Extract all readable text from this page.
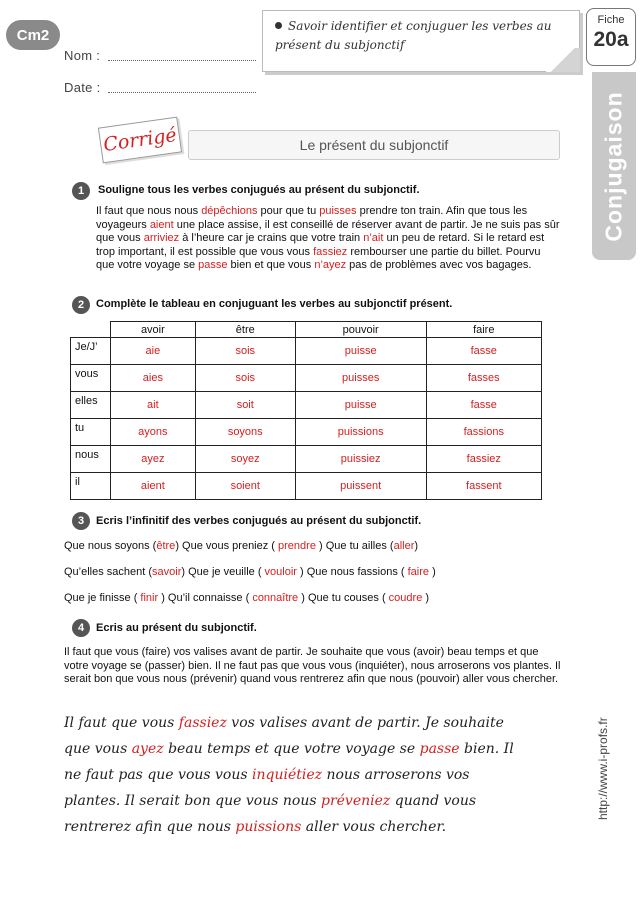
Cm2
Nom :
Date :
Savoir identifier et conjuguer les verbes au présent du subjonctif
Fiche
20a
Conjugaison
Corrigé	Le présent du subjonctif
1	Souligne tous les verbes conjugués au présent du subjonctif.
Il faut que nous nous dépêchions pour que tu puisses prendre ton train. Afin que tous les voyageurs aient une place assise, il est conseillé de réserver avant de partir. Je ne suis pas sûr que vous arriviez à l’heure car je crains que votre train n’ait un peu de retard. Si le retard est trop important, il est possible que vous vous fassiez rembourser une partie du billet. Pourvu que votre voyage se passe bien et que vous n’ayez pas de problèmes avec vos bagages.
2	Complète le tableau en conjuguant les verbes au subjonctif présent.
	avoir	être	pouvoir	faire
Je/J’	aie	sois	puisse	fasse
vous	aies	sois	puisses	fasses
elles	ait	soit	puisse	fasse
tu	ayons	soyons	puissions	fassions
nous	ayez	soyez	puissiez	fassiez
il	aient	soient	puissent	fassent
3	Ecris l’infinitif des verbes conjugués au présent du subjonctif.
Que nous soyons (être) Que vous preniez ( prendre ) Que tu ailles (aller)
Qu’elles sachent (savoir) Que je veuille ( vouloir ) Que nous fassions ( faire )
Que je finisse ( finir ) Qu’il connaisse ( connaître ) Que tu couses ( coudre )
4	Ecris au présent du subjonctif.
Il faut que vous (faire) vos valises avant de partir. Je souhaite que vous (avoir) beau temps et que votre voyage se (passer) bien. Il ne faut pas que vous vous (inquiéter), nous arroserons vos plantes. Il serait bon que vous nous (prévenir) quand vous rentrerez afin que nous (pouvoir) aller vous chercher.
Il faut que vous fassiez vos valises avant de partir. Je souhaite que vous ayez beau temps et que votre voyage se passe bien. Il ne faut pas que vous vous inquiétiez nous arroserons vos plantes. Il serait bon que vous nous préveniez quand vous rentrerez afin que nous puissions aller vous chercher.
http://www.i-profs.fr
